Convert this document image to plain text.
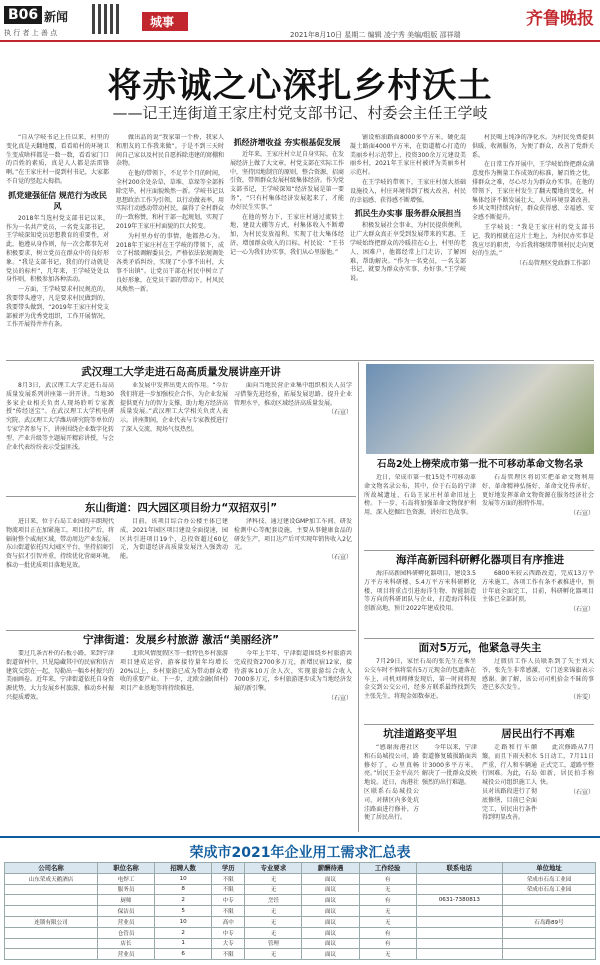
B06 新闻
执 行 者 上 善 点
城事	齐鲁晚报
2021年8月10日 星期二 编辑 凌宁秀 美编/组版 邵祥瑞
将赤诚之心深扎乡村沃土
——记王连街道王家庄村党支部书记、村委会主任王学岐

“自从学岐书记上任以来，村里的变化真是天翻地覆，看看咱村的环境卫生变成啥样都是一数一数，看看家门口的百姓的素质，真是人人都是活雷锋啊。”在王家庄村一提到村书记，大家都不自觉的竖起大拇指。

抓党建强征信 规范行为改民风

2018年当选村党支部书记以来，作为一名共产党员，一名党支部书记，王学岐深知党员思想教育的重要性，对此，他遵从身作则，每一次会都事先对积极要求，树立党员在群众中的良好形象。“我是支部书记，我们的行动就是党员的标杆”，几年来，王学岐处处以身作则，积极参加各种活动。

一方面，王学岐要求村民规范的，我要带头遵守，凡是要求村民做到的，我要带头做到，“2019年王家庄村党支部被评为优秀党组织，工作开展情况，工作开展得井井有条。

做出品的说“我家第一个桥，我家人和朋友的工作我来做”。于是不到三天时间自己家以及村民自愿拆除违建的窝棚和杂物。

在他的带领下，不足半个月的时间，全村200余处杂草，草堆、草垛等全部拆除完毕，村庄面貌焕然一新。学岐书记以思想政治工作为引领，以行动做表率，用实际行动感动带动村民，赢得了全村群众的一致称赞，和村干部一起规划，实现了2019年王家庄村面貌的巨大转变。

为村里办好的事情，他都热心为。2018年王家庄村在王学岐的带领下，成立了村级调解委员会，严格依法依规调处各类矛盾纠纷，实现了“小事不出村，大事不出镇”。让党员干部在村民中树立了良好形象，在党员干部的带动下，村风民风焕然一新。

抓经济增收益 夯实根基促发展

近年来，王家庄村立足自身实际，在发展经济上做了大文章，村党支部在实际工作中，坚持因地制宜的原则，整合资源，招商引资，带领群众发展村级集体经济。作为党支部书记，王学岐深知“经济发展是第一要务”，“只有村集体经济发展起来了，才能办好民生实事。”

在他的努力下，王家庄村通过流转土地，建设大棚等方式，村集体收入不断增加，为村民发放福利，实现了壮大集体经济，增加群众收入的目标。村民说：“王书记一心为我们办实事，我们从心里服他。”

铺设柏油路面8000多平方米，硬化混凝土路面4000平方米，在街道精心打造的美丽乡村示范带上，投资300余万元建设美丽乡村，2021年王家庄村被评为美丽乡村示范村。

在王学岐的带领下，王家庄村加大基础设施投入，村庄环境得到了极大改善，村民的幸福感、获得感不断增强。

抓民生办实事 服务群众展担当

积极发展社会事业，为村民提供便利，让广大群众真正享受到发展带来的实惠。王学岐始终把群众的冷暖挂在心上，村里的老人、困难户，他都经常上门走访，了解困难，帮助解决。“作为一名党员，一名支部书记，就要为群众办实事、办好事。”王学岐说。

村民喝上纯净的净化水。为村民免费提供供暖，收割服务，为便了群众，改善了党群关系。

在日常工作开展中，王学岐始终把群众满意度作为衡量工作成效的标准，解百姓之忧，排群众之难，尽心尽力为群众办实事。在他的带领下，王家庄村发生了翻天覆地的变化，村集体经济不断发展壮大，人居环境显著改善，乡风文明持续向好，群众获得感、幸福感、安全感不断提升。

王学岐说：“我是王家庄村的党支部书记，我的根就在这片土地上，为村民办实事是我应尽的职责，今后我将继续带领村民走向更好的生活。”

（石岛管理区党政群工作部）
武汉理工大学走进石岛高质量发展讲座开讲

8月3日，武汉理工大学走进石岛高质量发展系列讲座第一讲开讲。当地30多家企业相关负责人现场聆听专家教授“传经送宝”。在武汉理工大学机电研究院、武汉理工大学潍坊研究院等单位的专家学者参与下，讲座围绕企业数字化转型、产业升级等主题展开精彩讲授，与会企业代表纷纷表示受益匪浅。

业发展中发挥出更大的作用。“今后我们将进一步加强校企合作，为企业发展提供更有力的智力支撑，助力地方经济高质量发展。”武汉理工大学相关负责人表示。讲座期间，企业代表与专家教授进行了深入交流，现场气氛热烈。

面向当地民营企业集中组织相关人员学习借鉴先进经验，拓展发展思路，提升企业管理水平，推动区域经济高质量发展。

（石宣）
东山街道：四大园区项目纷力“双招双引”

进日来，位于石岛工业园的丰朗现代物流项目正在加紧施工，项目投产后，将辐射整个威海区域，带动周边产业发展。东山街道依托四大园区平台，坚持招商引资与招才引智并重，持续优化营商环境，推动一批优质项目落地见效。

目前，该项目综合办公楼主体已建成，2021年园区项目建设全面提速，园区共引进项目19个，总投资超过60亿元，为街道经济高质量发展注入强劲动能。

泽科技、通过建设GMP加工车间、研发检测中心等配套设施，主要从事健康食品的研发生产，项目达产后可实现年销售收入2亿元。

（石宣）
宁津街道：发展乡村旅游 激活“美丽经济”

要过几条古朴的石板小路，来到宁津街道留村中，只见隐藏其中的民宿和仿古建筑交织在一起，勾勒出一幅乡村振兴的美丽画卷。近年来，宁津街道依托自身资源优势，大力发展乡村旅游，推动乡村振兴提质增效。

北欧风情度假区等一批特色乡村旅游项目建成运营，游客接待量年均增长20%以上，乡村旅游已成为带动群众增收的重要产业。下一步，北欧金融(留村)项目产业基地等将持续推进。

今年上半年，宁津街道围绕乡村旅游共完成投资2700多万元，新增民宿12家，接待游客10万余人次，实现旅游综合收入7000多万元，乡村旅游逐步成为当地经济发展的新引擎。

（石宣）
石岛2处上榜荣成市第一批不可移动革命文物名录

近日，荣成市第一批15处不可移动革命文物名录公布，其中，位于石岛的宁津所故城遗址、石岛王家庄村革命旧址上榜。下一步，石岛将加强革命文物保护利用，深入挖掘红色资源，讲好红色故事。

石岛管理区将切实把革命文物利用好、革命精神弘扬好，革命文化传承好，更好地发挥革命文物资源在服务经济社会发展等方面的独特作用。

（石宣）
海洋高新园科研孵化器项目有序推进

海洋高新园科研孵化器项目，建设3.5万平方米科研楼、5.4万平方米科研孵化楼，项目将重点引进海洋生物、智能制造等方向的科研团队与企业，打造海洋科技创新高地，预计2022年建成投用。

6800米较云西路改造，完成13万平方米施工，各项工作有条不紊推进中，预计年底全面完工，目前，科研孵化器项目主体已全部封顶。

（石宣）
面对5万元，他紧急寻失主

7月29日，家住石岛的张先生在乘坐公交车时不慎将装有5万元现金的包遗落在车上，司机刘师傅发现后，第一时间将现金交到公交公司，经多方联系最终找到失主张先生，将现金如数奉还。

过微信工作人员联系到了失主刘大爷，张先生非常感激，专门送来锦旗表示感谢。据了解，该公司司机拾金不昧的事迹已多次发生。

（许雯）
坑洼道路变平坦	居民出行不再难

“感谢海港社区和石岛城投公司，路修好了，心里真畅亮。”居民王金平高兴地说。近日，海港社区联系石岛城投公司，对辖区内多处坑洼路面进行修补，方便了居民出行。

今年以来，宁津街道修复破损路面共计3000多平方米，解决了一批群众反映强烈的出行难题。

走路和行车颠簸，而且下雨天积水严重，行人和车辆通行困难。为此，石岛城投公司组织施工人员对该路段进行了彻底修缮，目前已全面完工，居民出行条件得到明显改善。

此次修路从7月5日动工，7月11日正式完工，道路平整如新，居民拍手称快。

（石宣）
荣成市2021年企业用工需求汇总表
公司名称	职位名称	招聘人数	学历	专业要求	薪酬待遇	工作经验	联系电话	单位地址
山东荣成天鹅酒店	电焊工	10	不限	无	面议	有		荣成市石岛工业园
	服务员	8	不限	无	面议	无		荣成市石岛工业园
	厨师	2	中专	烹饪	面议	有	0631-7380813	
	保洁员	5	不限	无	面议	无		
连锁有限公司	营业员	10	高中	无	面议	无		石岛路89号
	仓管员	2	中专	无	面议	有		
	店长	1	大专	管理	面议	有		
	营业员	6	不限	无	面议	无		
